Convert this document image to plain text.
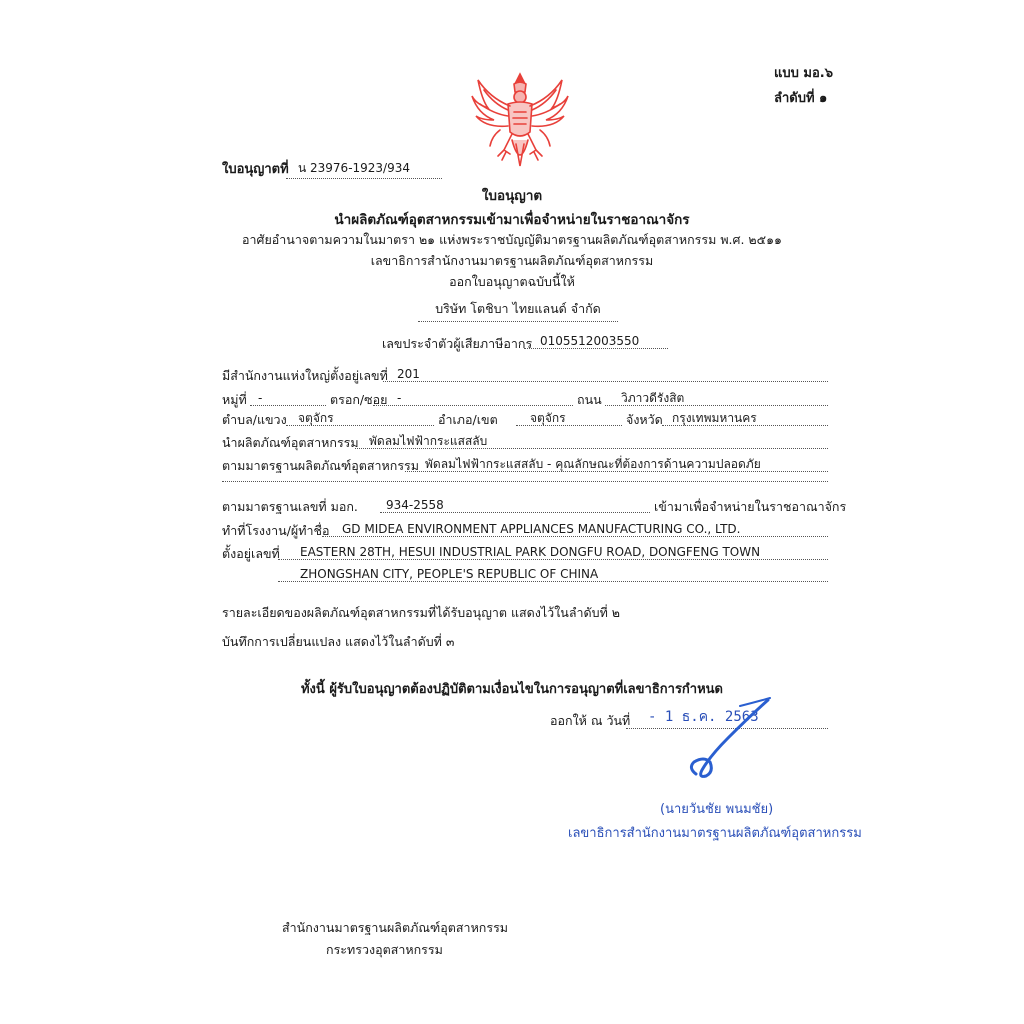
แบบ มอ.๖
ลำดับที่ ๑
ใบอนุญาตที่ น 23976-1923/934
ใบอนุญาต
นำผลิตภัณฑ์อุตสาหกรรมเข้ามาเพื่อจำหน่ายในราชอาณาจักร
อาศัยอำนาจตามความในมาตรา ๒๑ แห่งพระราชบัญญัติมาตรฐานผลิตภัณฑ์อุตสาหกรรม พ.ศ. ๒๕๑๑
เลขาธิการสำนักงานมาตรฐานผลิตภัณฑ์อุตสาหกรรม
ออกใบอนุญาตฉบับนี้ให้
บริษัท โตชิบา ไทยแลนด์ จำกัด
เลขประจำตัวผู้เสียภาษีอากร 0105512003550
มีสำนักงานแห่งใหญ่ตั้งอยู่เลขที่ 201
หมู่ที่ -	ตรอก/ซอย -	ถนน	วิภาวดีรังสิต
ตำบล/แขวง จตุจักร	อำเภอ/เขต	จตุจักร	จังหวัด กรุงเทพมหานคร
นำผลิตภัณฑ์อุตสาหกรรม พัดลมไฟฟ้ากระแสสลับ
ตามมาตรฐานผลิตภัณฑ์อุตสาหกรรม พัดลมไฟฟ้ากระแสสลับ - คุณลักษณะที่ต้องการด้านความปลอดภัย
ตามมาตรฐานเลขที่ มอก.	934-2558	เข้ามาเพื่อจำหน่ายในราชอาณาจักร
ทำที่โรงงาน/ผู้ทำชื่อ	GD MIDEA ENVIRONMENT APPLIANCES MANUFACTURING CO., LTD.
ตั้งอยู่เลขที่	EASTERN 28TH, HESUI INDUSTRIAL PARK DONGFU ROAD, DONGFENG TOWN
ZHONGSHAN CITY, PEOPLE'S REPUBLIC OF CHINA
รายละเอียดของผลิตภัณฑ์อุตสาหกรรมที่ได้รับอนุญาต แสดงไว้ในลำดับที่ ๒
บันทึกการเปลี่ยนแปลง แสดงไว้ในลำดับที่ ๓
ทั้งนี้ ผู้รับใบอนุญาตต้องปฏิบัติตามเงื่อนไขในการอนุญาตที่เลขาธิการกำหนด
ออกให้ ณ วันที่	- 1 ธ.ค. 2563
(นายวันชัย พนมชัย)
เลขาธิการสำนักงานมาตรฐานผลิตภัณฑ์อุตสาหกรรม
สำนักงานมาตรฐานผลิตภัณฑ์อุตสาหกรรม
กระทรวงอุตสาหกรรม
